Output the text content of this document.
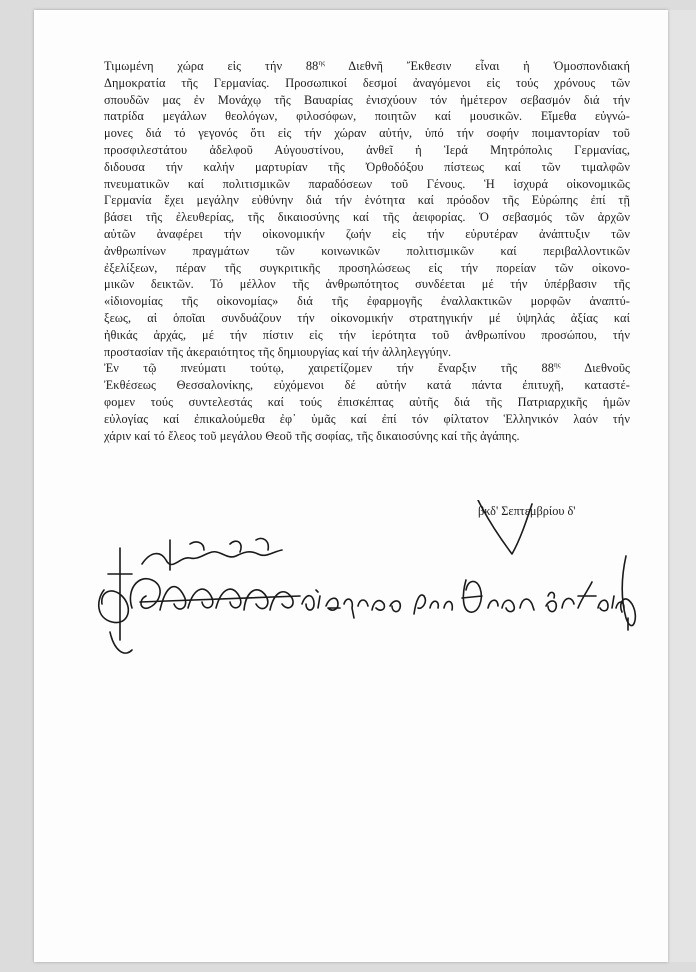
Τιμωμένη χώρα εἰς τήν $88^{\eta\varsigma}$ Διεθνῆ Ἔκθεσιν εἶναι ἡ Ὁμοσπονδιακή
Δημοκρατία τῆς Γερμανίας. Προσωπικοί δεσμοί ἀναγόμενοι εἰς τούς χρόνους τῶν
σπουδῶν μας ἐν Μονάχῳ τῆς Βαυαρίας ἐνισχύουν τόν ἡμέτερον σεβασμόν διά τήν
πατρίδα μεγάλων θεολόγων, φιλοσόφων, ποιητῶν καί μουσικῶν. Εἴμεθα εὐγνώ-
μονες διά τό γεγονός ὅτι εἰς τήν χώραν αὐτήν, ὑπό τήν σοφήν ποιμαντορίαν τοῦ
προσφιλεστάτου ἀδελφοῦ Αὐγουστίνου, ἀνθεῖ ἡ Ἱερά Μητρόπολις Γερμανίας,
διδουσα τήν καλήν μαρτυρίαν τῆς Ὀρθοδόξου πίστεως καί τῶν τιμαλφῶν
πνευματικῶν καί πολιτισμικῶν παραδόσεων τοῦ Γένους. Ἡ ἰσχυρά οἰκονομικῶς
Γερμανία ἔχει μεγάλην εὐθύνην διά τήν ἑνότητα καί πρόοδον τῆς Εὐρώπης ἐπί τῇ
βάσει τῆς ἐλευθερίας, τῆς δικαιοσύνης καί τῆς ἀειφορίας. Ὁ σεβασμός τῶν ἀρχῶν
αὐτῶν ἀναφέρει τήν οἰκονομικήν ζωήν εἰς τήν εὐρυτέραν ἀνάπτυξιν τῶν
ἀνθρωπίνων πραγμάτων τῶν κοινωνικῶν πολιτισμικῶν καί περιβαλλοντικῶν
ἐξελίξεων, πέραν τῆς συγκριτικῆς προσηλώσεως εἰς τήν πορείαν τῶν οἰκονο-
μικῶν δεικτῶν. Τό μέλλον τῆς ἀνθρωπότητος συνδέεται μέ τήν ὑπέρβασιν τῆς
«ἰδιονομίας τῆς οἰκονομίας» διά τῆς ἐφαρμογῆς ἐναλλακτικῶν μορφῶν ἀναπτύ-
ξεως, αἱ ὁποῖαι συνδυάζουν τήν οἰκονομικήν στρατηγικήν μέ ὑψηλάς ἀξίας καί
ἠθικάς ἀρχάς, μέ τήν πίστιν εἰς τήν ἱερότητα τοῦ ἀνθρωπίνου προσώπου, τήν
προστασίαν τῆς ἀκεραιότητος τῆς δημιουργίας καί τήν ἀλληλεγγύην.

Ἐν τῷ πνεύματι τούτῳ, χαιρετίζομεν τήν ἔναρξιν τῆς $88^{\eta\varsigma}$ Διεθνοῦς
Ἐκθέσεως Θεσσαλονίκης, εὐχόμενοι δέ αὐτήν κατά πάντα ἐπιτυχῆ, καταστέ-
φομεν τούς συντελεστάς καί τούς ἐπισκέπτας αὐτῆς διά τῆς Πατριαρχικῆς ἡμῶν
εὐλογίας καί ἐπικαλούμεθα ἐφ᾽ ὑμᾶς καί ἐπί τόν φίλτατον Ἑλληνικόν λαόν τήν
χάριν καί τό ἔλεος τοῦ μεγάλου Θεοῦ τῆς σοφίας, τῆς δικαιοσύνης καί τῆς ἀγάπης.

βκδ' Σεπτεμβρίου δ'
